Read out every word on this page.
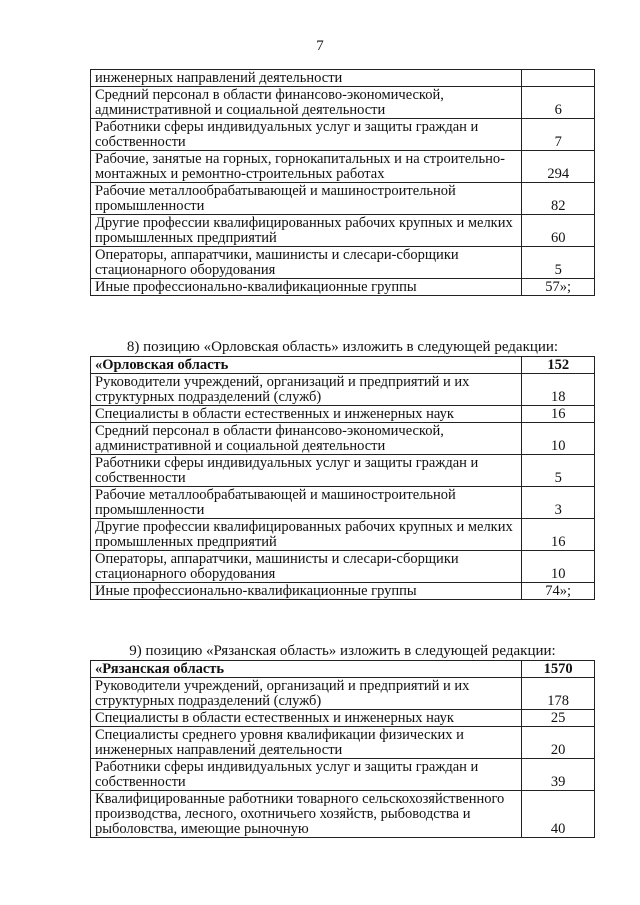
7
инженерных направлений деятельности	
Средний персонал в области финансово-экономической, административной и социальной деятельности	6
Работники сферы индивидуальных услуг и защиты граждан и собственности	7
Рабочие, занятые на горных, горнокапитальных и на строительно-монтажных и ремонтно-строительных работах	294
Рабочие металлообрабатывающей и машиностроительной промышленности	82
Другие профессии квалифицированных рабочих крупных и мелких промышленных предприятий	60
Операторы, аппаратчики, машинисты и слесари-сборщики стационарного оборудования	5
Иные профессионально-квалификационные группы	57»;
8) позицию «Орловская область» изложить в следующей редакции:
«Орловская область	152
Руководители учреждений, организаций и предприятий и их структурных подразделений (служб)	18
Специалисты в области естественных и инженерных наук	16
Средний персонал в области финансово-экономической, административной и социальной деятельности	10
Работники сферы индивидуальных услуг и защиты граждан и собственности	5
Рабочие металлообрабатывающей и машиностроительной промышленности	3
Другие профессии квалифицированных рабочих крупных и мелких промышленных предприятий	16
Операторы, аппаратчики, машинисты и слесари-сборщики стационарного оборудования	10
Иные профессионально-квалификационные группы	74»;
9) позицию «Рязанская область» изложить в следующей редакции:
«Рязанская область	1570
Руководители учреждений, организаций и предприятий и их структурных подразделений (служб)	178
Специалисты в области естественных и инженерных наук	25
Специалисты среднего уровня квалификации физических и инженерных направлений деятельности	20
Работники сферы индивидуальных услуг и защиты граждан и собственности	39
Квалифицированные работники товарного сельскохозяйственного производства, лесного, охотничьего хозяйств, рыбоводства и рыболовства, имеющие рыночную	40
